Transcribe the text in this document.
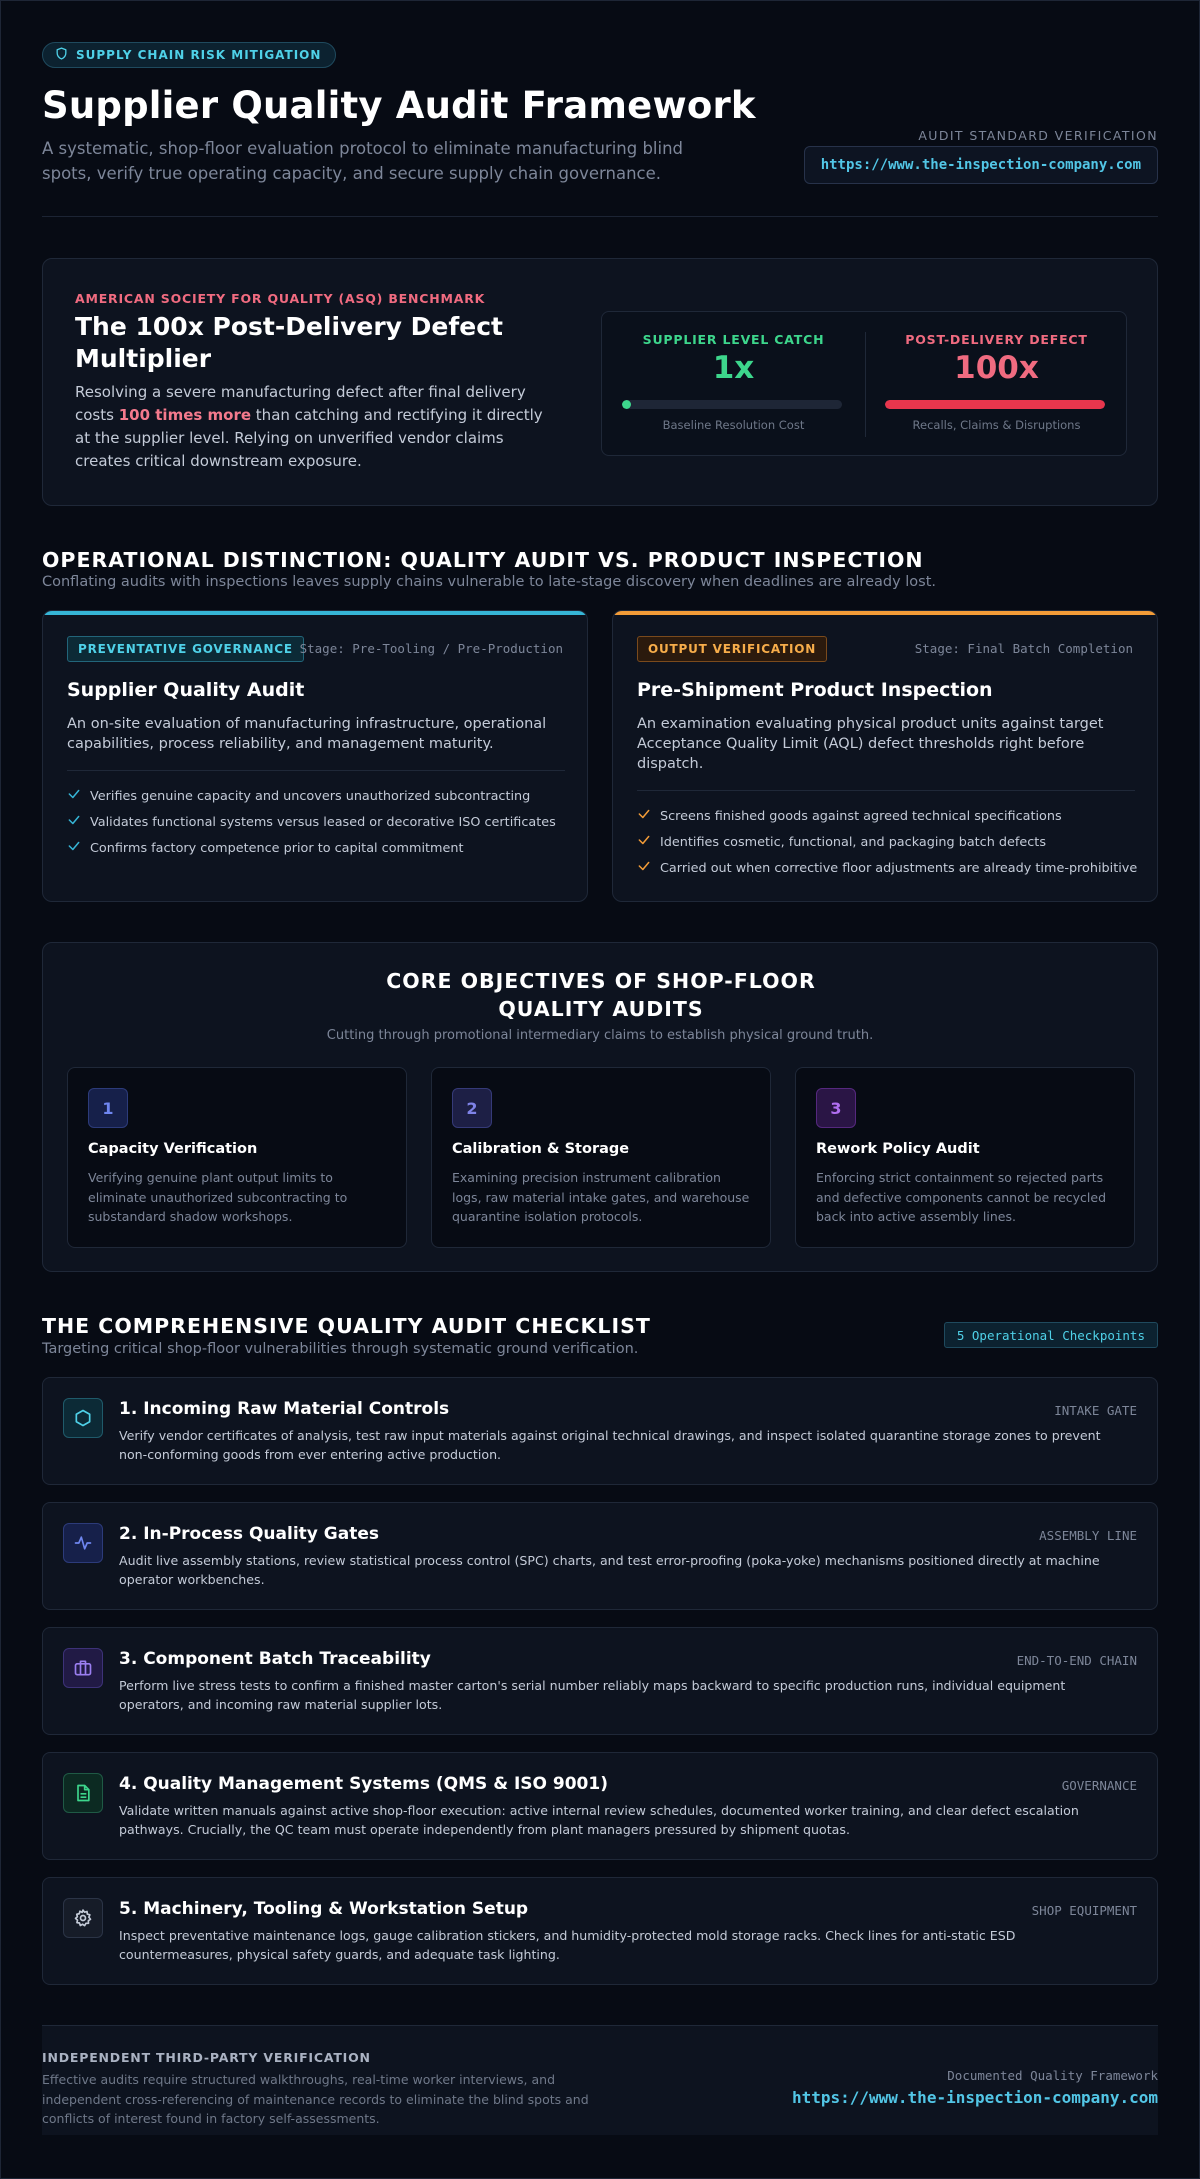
SUPPLY CHAIN RISK MITIGATION
Supplier Quality Audit Framework
A systematic, shop-floor evaluation protocol to eliminate manufacturing blind spots, verify true operating capacity, and secure supply chain governance.
AUDIT STANDARD VERIFICATION
https://www.the-inspection-company.com
AMERICAN SOCIETY FOR QUALITY (ASQ) BENCHMARK
The 100x Post-Delivery Defect Multiplier
Resolving a severe manufacturing defect after final delivery costs 100 times more than catching and rectifying it directly at the supplier level. Relying on unverified vendor claims creates critical downstream exposure.
SUPPLIER LEVEL CATCH
1x
Baseline Resolution Cost
POST-DELIVERY DEFECT
100x
Recalls, Claims & Disruptions
OPERATIONAL DISTINCTION: QUALITY AUDIT VS. PRODUCT INSPECTION
Conflating audits with inspections leaves supply chains vulnerable to late-stage discovery when deadlines are already lost.
PREVENTATIVE GOVERNANCE Stage: Pre-Tooling / Pre-Production
Supplier Quality Audit
An on-site evaluation of manufacturing infrastructure, operational capabilities, process reliability, and management maturity.
Verifies genuine capacity and uncovers unauthorized subcontracting
Validates functional systems versus leased or decorative ISO certificates
Confirms factory competence prior to capital commitment
OUTPUT VERIFICATION	Stage: Final Batch Completion
Pre-Shipment Product Inspection
An examination evaluating physical product units against target Acceptance Quality Limit (AQL) defect thresholds right before dispatch.
Screens finished goods against agreed technical specifications
Identifies cosmetic, functional, and packaging batch defects
Carried out when corrective floor adjustments are already time-prohibitive
CORE OBJECTIVES OF SHOP-FLOOR QUALITY AUDITS
Cutting through promotional intermediary claims to establish physical ground truth.
1
Capacity Verification
Verifying genuine plant output limits to eliminate unauthorized subcontracting to substandard shadow workshops.
2
Calibration & Storage
Examining precision instrument calibration logs, raw material intake gates, and warehouse quarantine isolation protocols.
3
Rework Policy Audit
Enforcing strict containment so rejected parts and defective components cannot be recycled back into active assembly lines.
THE COMPREHENSIVE QUALITY AUDIT CHECKLIST
Targeting critical shop-floor vulnerabilities through systematic ground verification.
5 Operational Checkpoints
1. Incoming Raw Material Controls	INTAKE GATE
Verify vendor certificates of analysis, test raw input materials against original technical drawings, and inspect isolated quarantine storage zones to prevent non-conforming goods from ever entering active production.
2. In-Process Quality Gates	ASSEMBLY LINE
Audit live assembly stations, review statistical process control (SPC) charts, and test error-proofing (poka-yoke) mechanisms positioned directly at machine operator workbenches.
3. Component Batch Traceability	END-TO-END CHAIN
Perform live stress tests to confirm a finished master carton's serial number reliably maps backward to specific production runs, individual equipment operators, and incoming raw material supplier lots.
4. Quality Management Systems (QMS & ISO 9001)	GOVERNANCE
Validate written manuals against active shop-floor execution: active internal review schedules, documented worker training, and clear defect escalation pathways. Crucially, the QC team must operate independently from plant managers pressured by shipment quotas.
5. Machinery, Tooling & Workstation Setup	SHOP EQUIPMENT
Inspect preventative maintenance logs, gauge calibration stickers, and humidity-protected mold storage racks. Check lines for anti-static ESD countermeasures, physical safety guards, and adequate task lighting.
INDEPENDENT THIRD-PARTY VERIFICATION
Effective audits require structured walkthroughs, real-time worker interviews, and independent cross-referencing of maintenance records to eliminate the blind spots and conflicts of interest found in factory self-assessments.
Documented Quality Framework
https://www.the-inspection-company.com
